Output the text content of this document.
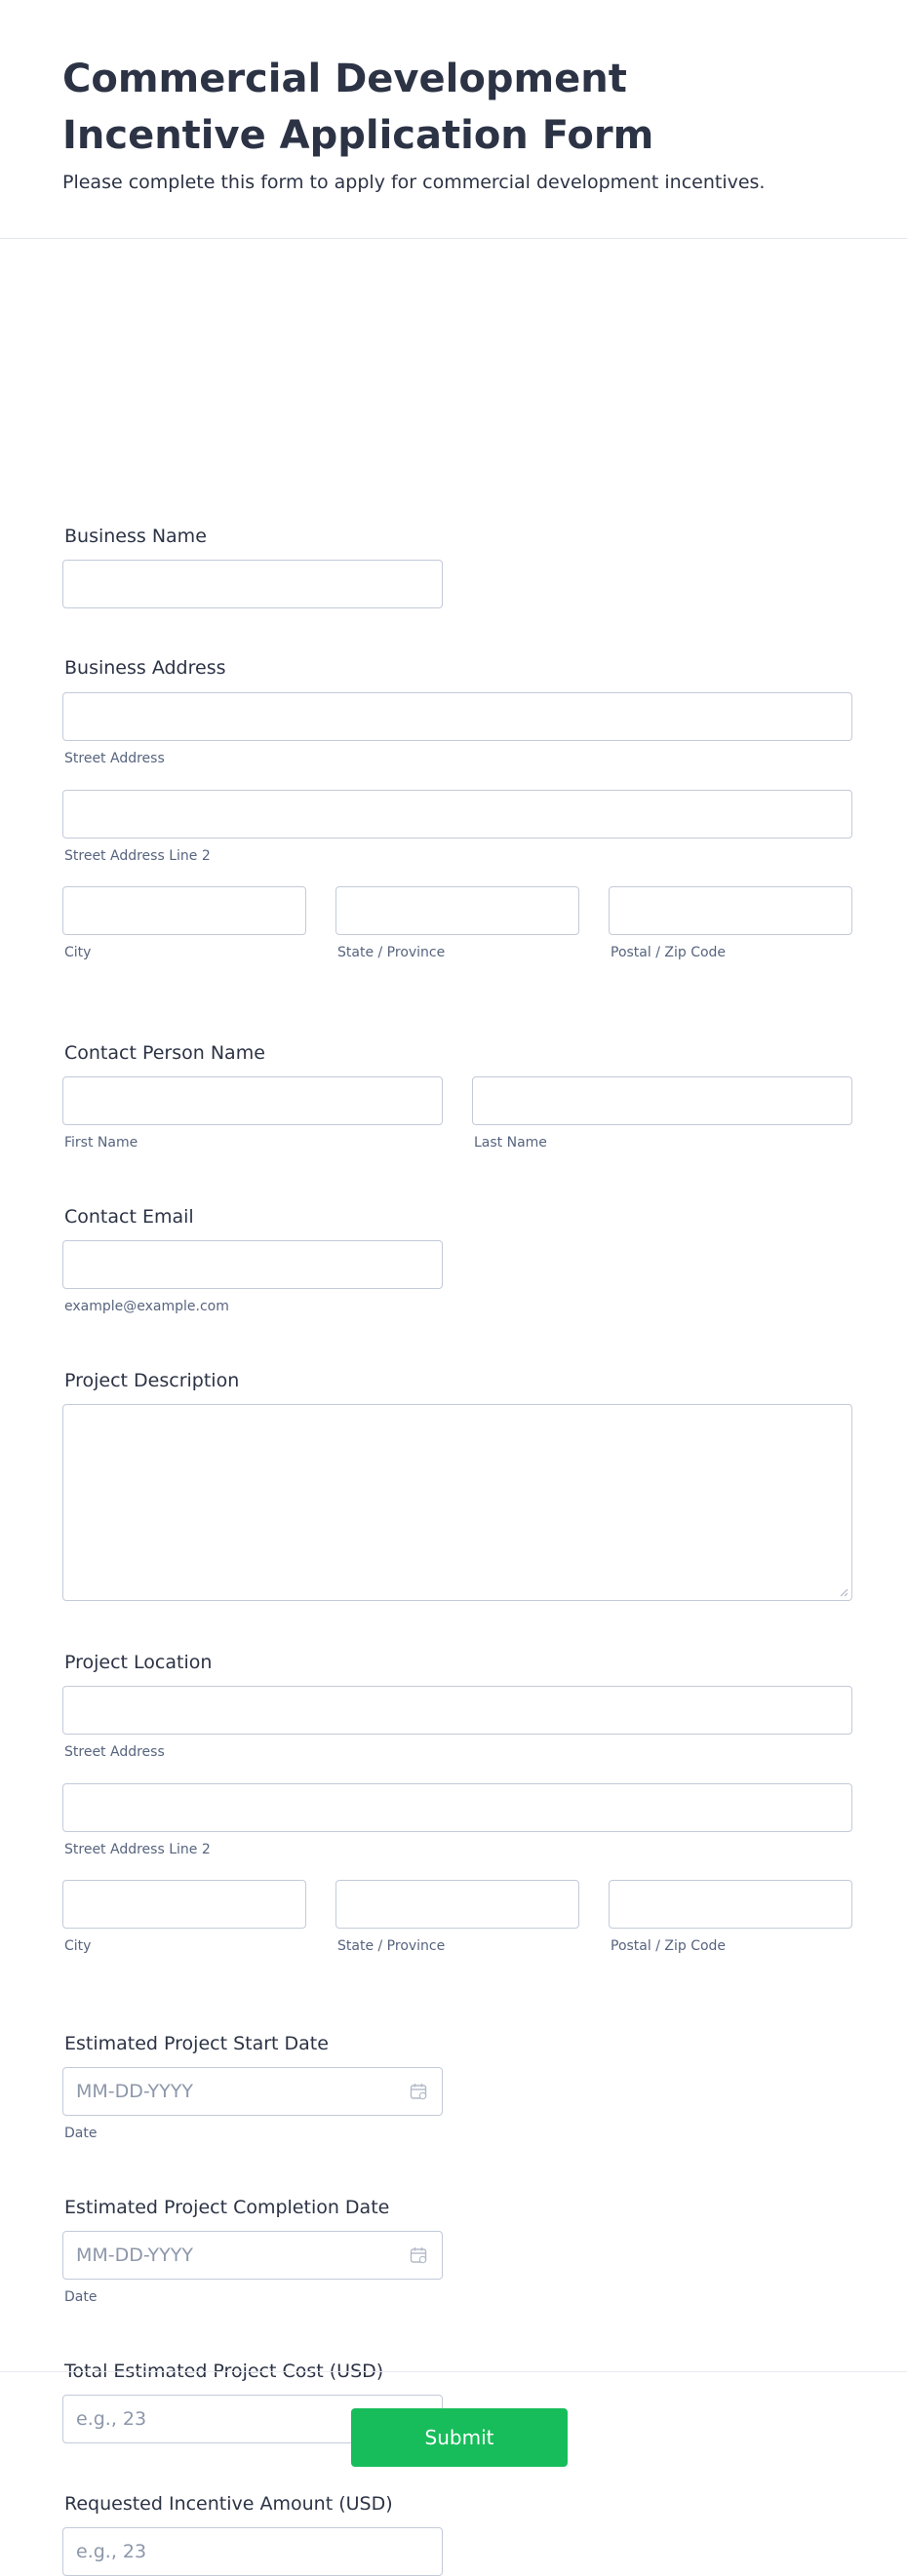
Commercial Development Incentive Application Form

Please complete this form to apply for commercial development incentives.

Business Name
Business Address
Street Address
Street Address Line 2
City	State / Province	Postal / Zip Code
Contact Person Name
First Name	Last Name
Contact Email
example@example.com
Project Description
Project Location
Street Address
Street Address Line 2
City	State / Province	Postal / Zip Code
Estimated Project Start Date
MM-DD-YYYY
Date
Estimated Project Completion Date
MM-DD-YYYY
Date
Total Estimated Project Cost (USD)
e.g., 23
Requested Incentive Amount (USD)
e.g., 23
Submit
